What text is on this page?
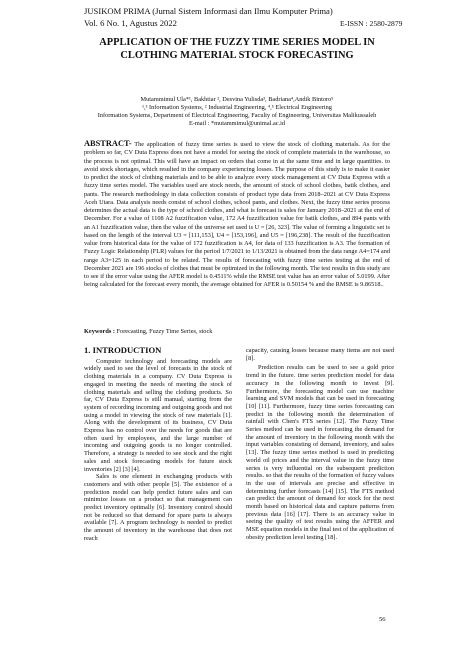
JUSIKOM PRIMA (Jurnal Sistem Informasi dan Ilmu Komputer Prima)
Vol. 6 No. 1, Agustus 2022	E-ISSN : 2580-2879
APPLICATION OF THE FUZZY TIME SERIES MODEL IN
CLOTHING MATERIAL STOCK FORECASTING
Mutammimul Ula*¹, Bakhtiar ², Desvina Yulisda³, Badriana⁴,Andik Bintoro⁵
¹,³ Information Systems, ² Industrial Engineering, ⁴,⁵ Electrical Engineering
Information Systems, Department of Electrical Engineering, Faculty of Engineering, Universitas Malikussaleh
E-mail : *mutammimul@unimal.ac.id
ABSTRACT- The application of fuzzy time series is used to view the stock of clothing materials. As for the problem so far, CV Duta Express does not have a model for seeing the stock of complete materials in the warehouse, so the process is not optimal. This will have an impact on orders that come in at the same time and in large quantities. to avoid stock shortages, which resulted in the company experiencing losses. The purpose of this study is to make it easier to predict the stock of clothing materials and to be able to analyze every stock management at CV Duta Express with a fuzzy time series model. The variables used are stock needs, the amount of stock of school clothes, batik clothes, and pants. The research methodology in data collection consists of product type data from 2018–2021 at CV Duta Express Aceh Utara. Data analysis needs consist of school clothes, school pants, and clothes. Next, the fuzzy time series process determines the actual data is the type of school clothes, and what is forecast is sales for January 2018–2021 at the end of December. For a value of 1108 A2 fuzzification value, 172 A4 fuzzification value for batik clothes, and 894 pants with an A1 fuzzification value, then the value of the universe set used is U = [26, 323]. The value of forming a linguistic set is based on the length of the interval U3 = [111,153], U4 = [153,196], and U5 = [196,238]. The result of the fuzzification value from historical data for the value of 172 fuzzification is A4, for data of 133 fuzzification is A3. The formation of Fuzzy Logic Relationship (FLR) values for the period 1/7/2021 to 1/13/2021 is obtained from the data range A4=174 and range A3=125 in each period to be related. The results of forecasting with fuzzy time series testing at the end of December 2021 are 196 stocks of clothes that must be optimized in the following month. The test results in this study are to see if the error value using the AFER model is 0.4511% while the RMSE test value has an error value of 5.0199. After being calculated for the forecast every month, the average obtained for AFER is 0.50154 % and the RMSE is 9.86518..
Keywords : Forecasting, Fuzzy Time Series, stock
1. INTRODUCTION

Computer technology and forecasting models are widely used to see the level of forecasts in the stock of clothing materials in a company. CV Duta Express is engaged in meeting the needs of meeting the stock of clothing materials and selling the clothing products. So far, CV Duta Express is still manual, starting from the system of recording incoming and outgoing goods and not using a model in viewing the stock of raw materials [1]. Along with the development of its business, CV Duta Express has no control over the needs for goods that are often used by employees, and the large number of incoming and outgoing goods is no longer controlled. Therefore, a strategy is needed to see stock and the right sales and stock forecasting models for future stock inventories [2] [3] [4].

Sales is one element in exchanging products with customers and with other people [5]. The existence of a prediction model can help predict future sales and can minimize losses on a product so that management can predict inventory optimally [6]. Inventory control should not be reduced so that demand for spare parts is always available [7]. A program technology is needed to predict the amount of inventory in the warehouse that does not reach

capacity, causing losses because many items are not used [8].

Prediction results can be used to see a gold price trend in the future. time series prediction model for data accuracy in the following month to invest [9]. Furthermore, the forecasting model can use machine learning and SVM models that can be used in forecasting [10] [11]. Furthermore, fuzzy time series forecasting can predict in the following month the determination of rainfall with Chen's FTS series [12]. The Fuzzy Time Series method can be used in forecasting the demand for the amount of inventory in the following month with the input variables consisting of demand, inventory, and sales [13]. The fuzzy time series method is used in predicting world oil prices and the interval value in the fuzzy time series is very influential on the subsequent prediction results. so that the results of the formation of fuzzy values in the use of intervals are precise and effective in determining further forecasts [14] [15]. The FTS method can predict the amount of demand for stock for the next month based on historical data and capture patterns from previous data [16] [17]. There is an accuracy value in seeing the quality of test results using the AFFER and MSE equation models in the final test of the application of obesity prediction level testing [18].

56
